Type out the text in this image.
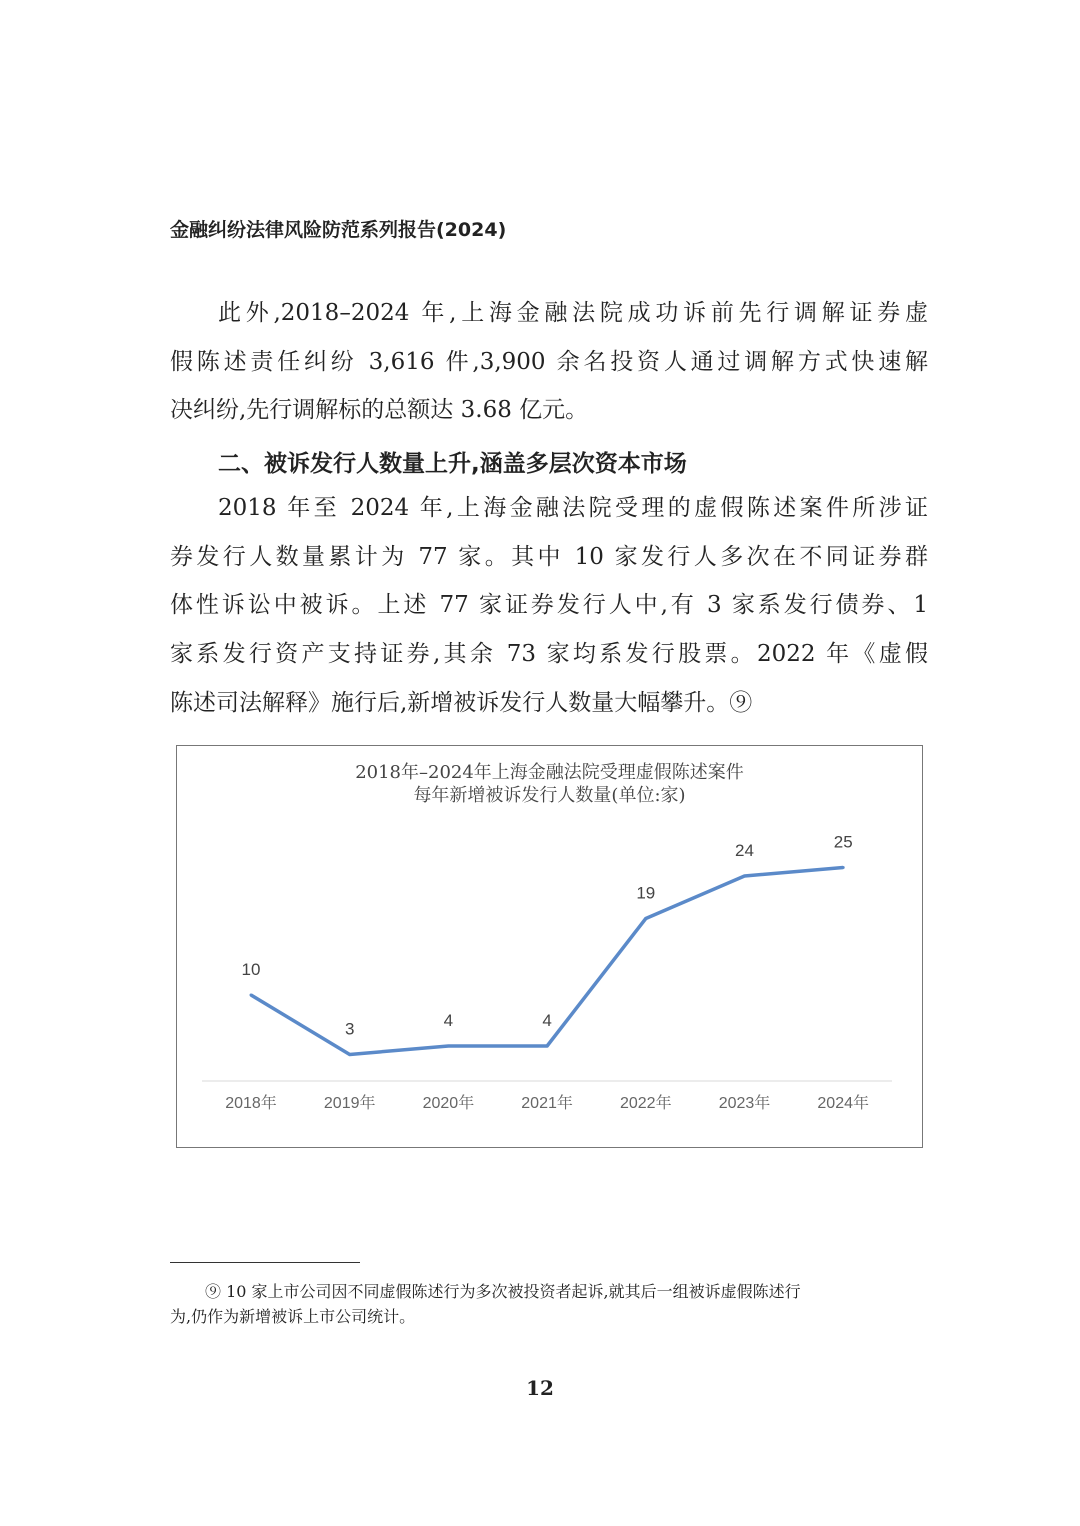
金融纠纷法律风险防范系列报告(2024)
此外,2018–2024 年,上海金融法院成功诉前先行调解证券虚
假陈述责任纠纷 3,616 件,3,900 余名投资人通过调解方式快速解
决纠纷,先行调解标的总额达 3.68 亿元。
二、被诉发行人数量上升,涵盖多层次资本市场
2018 年至 2024 年,上海金融法院受理的虚假陈述案件所涉证
券发行人数量累计为 77 家。其中 10 家发行人多次在不同证券群
体性诉讼中被诉。上述 77 家证券发行人中,有 3 家系发行债券、1
家系发行资产支持证券,其余 73 家均系发行股票。2022 年《虚假
陈述司法解释》施行后,新增被诉发行人数量大幅攀升。⑨
2018年–2024年上海金融法院受理虚假陈述案件
每年新增被诉发行人数量(单位:家)
10
2018年
3
2019年
4
2020年
4
2021年
19
2022年
24
2023年
25
2024年
⑨ 10 家上市公司因不同虚假陈述行为多次被投资者起诉,就其后一组被诉虚假陈述行
为,仍作为新增被诉上市公司统计。
12
